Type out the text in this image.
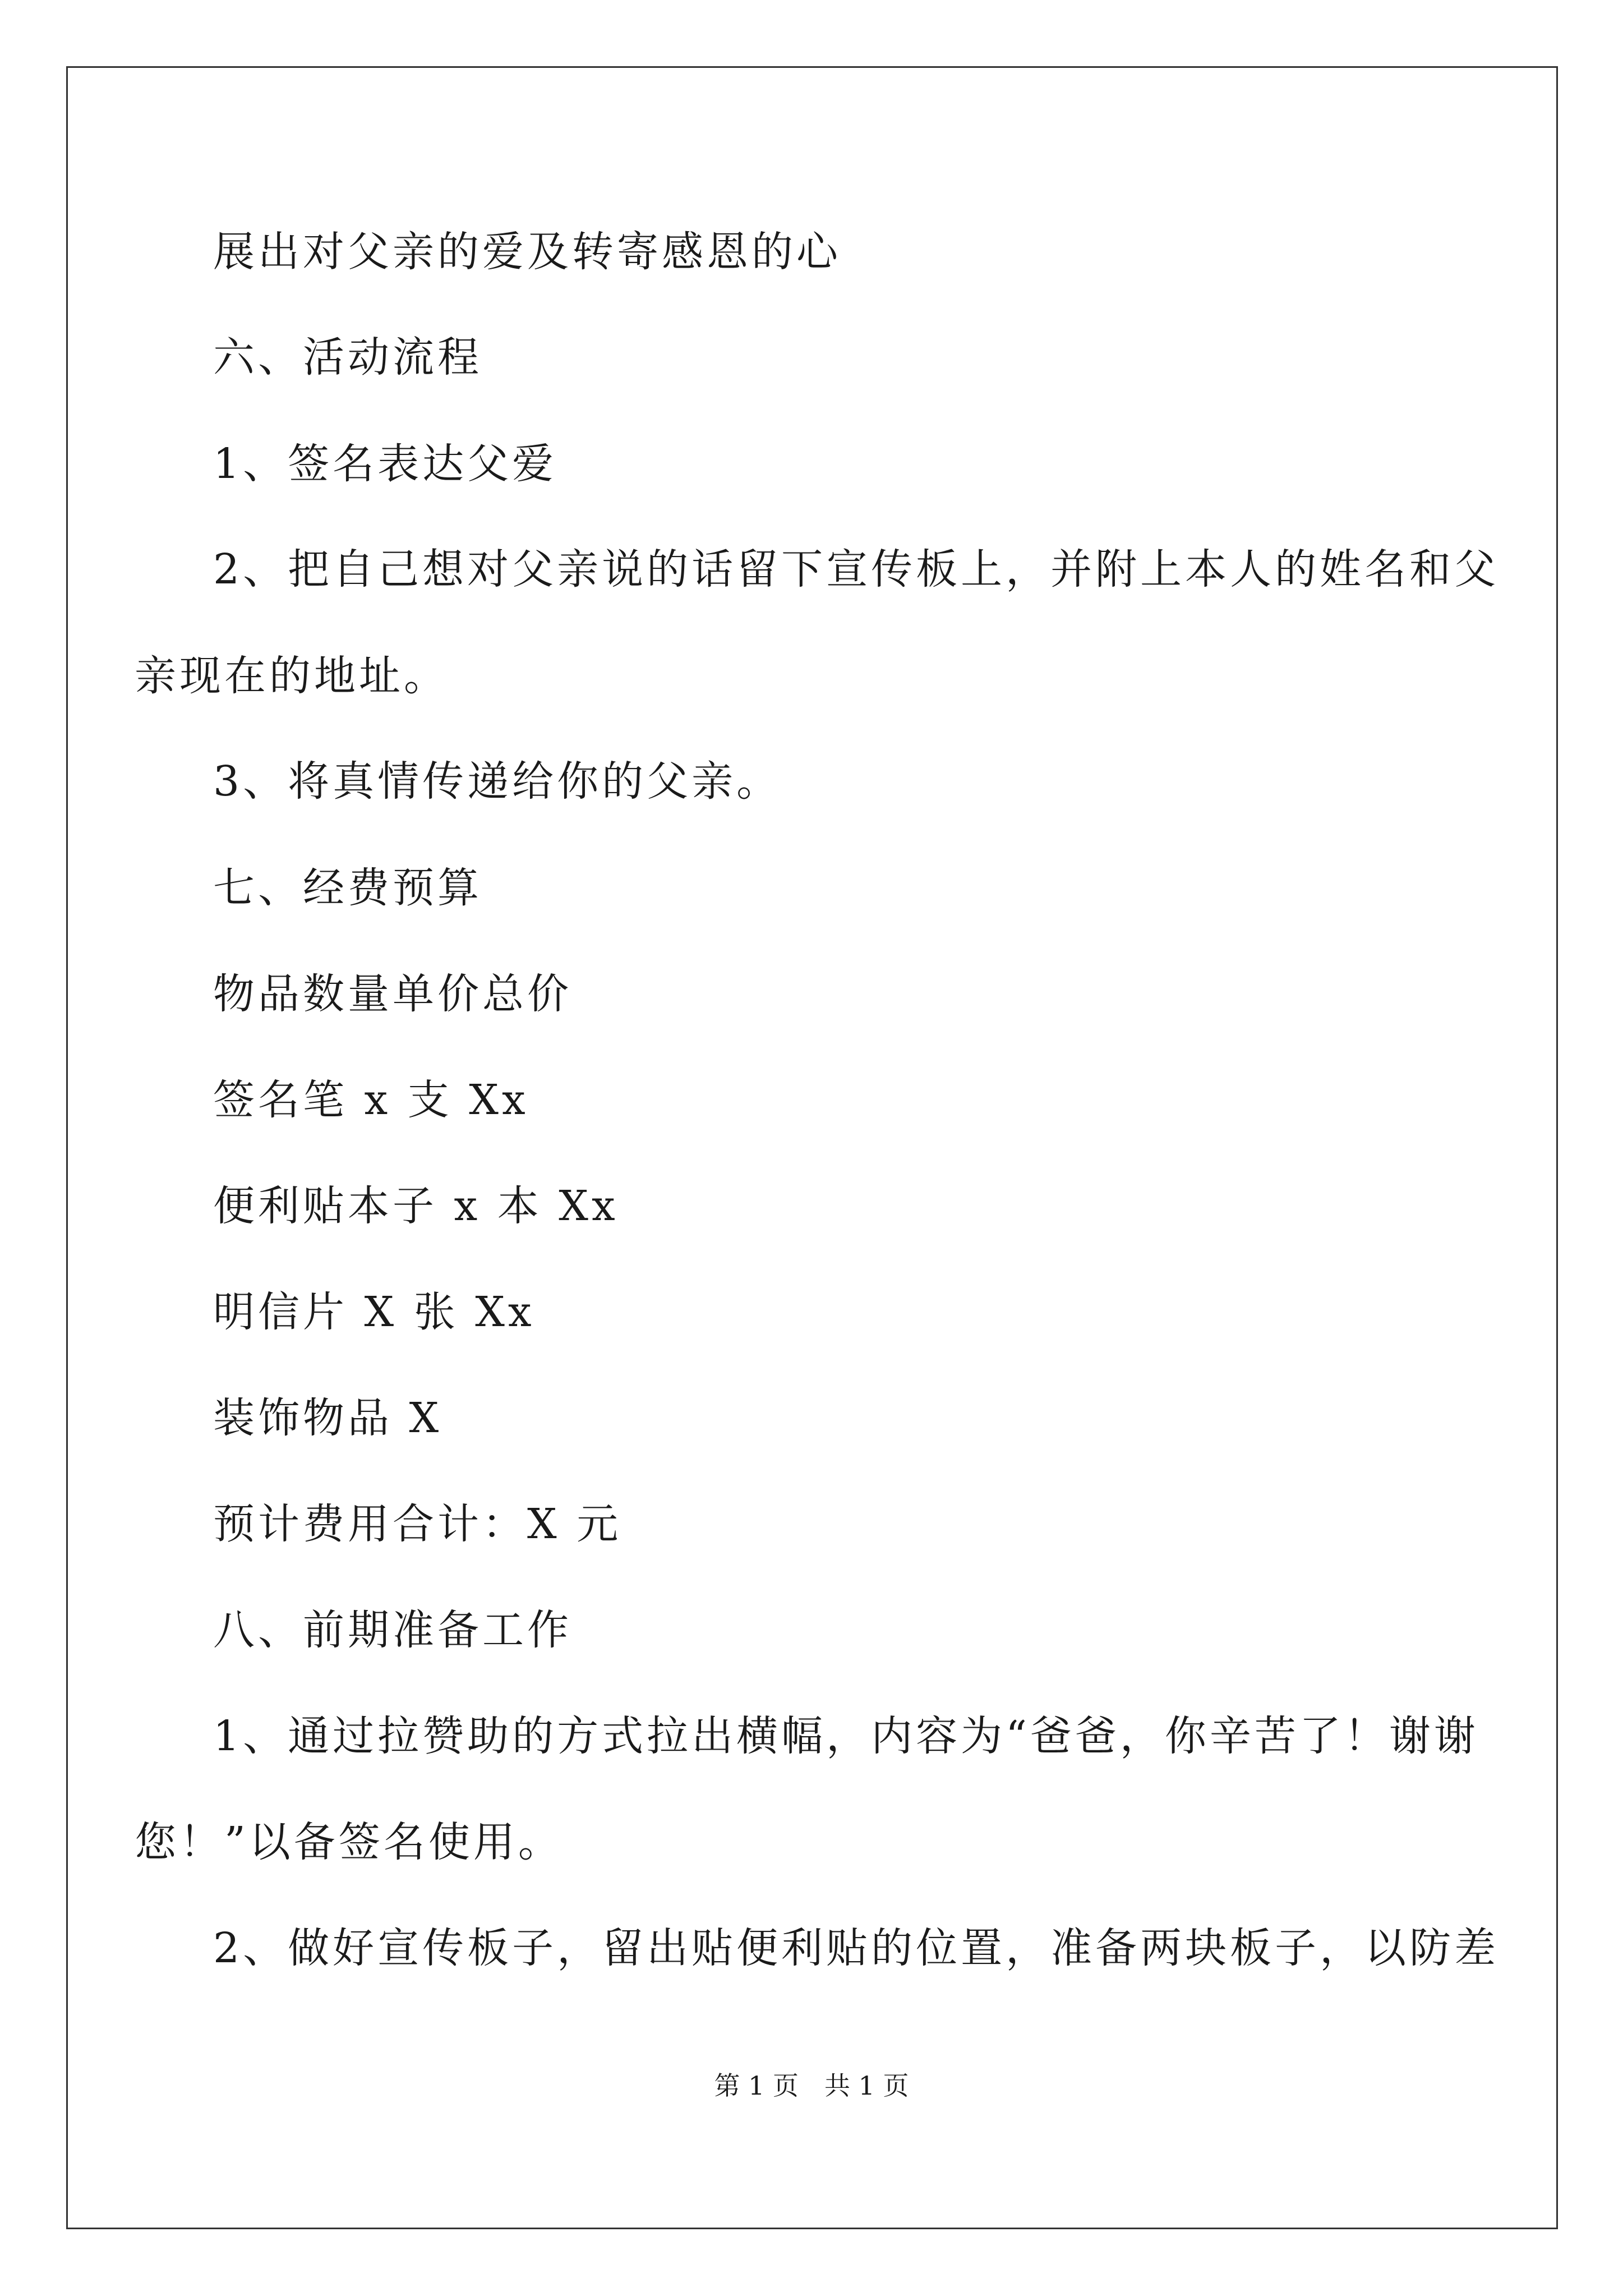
展出对父亲的爱及转寄感恩的心
六、活动流程
1、签名表达父爱
2、把自己想对父亲说的话留下宣传板上，并附上本人的姓名和父
亲现在的地址。
3、将真情传递给你的父亲。
七、经费预算
物品数量单价总价
签名笔 x 支 Xx
便利贴本子 x 本 Xx
明信片 X 张 Xx
装饰物品 X
预计费用合计：X 元
八、前期准备工作
1、通过拉赞助的方式拉出横幅，内容为“爸爸，你辛苦了！谢谢
您！”以备签名使用。
2、做好宣传板子，留出贴便利贴的位置，准备两块板子，以防差
第 1 页　共 1 页
